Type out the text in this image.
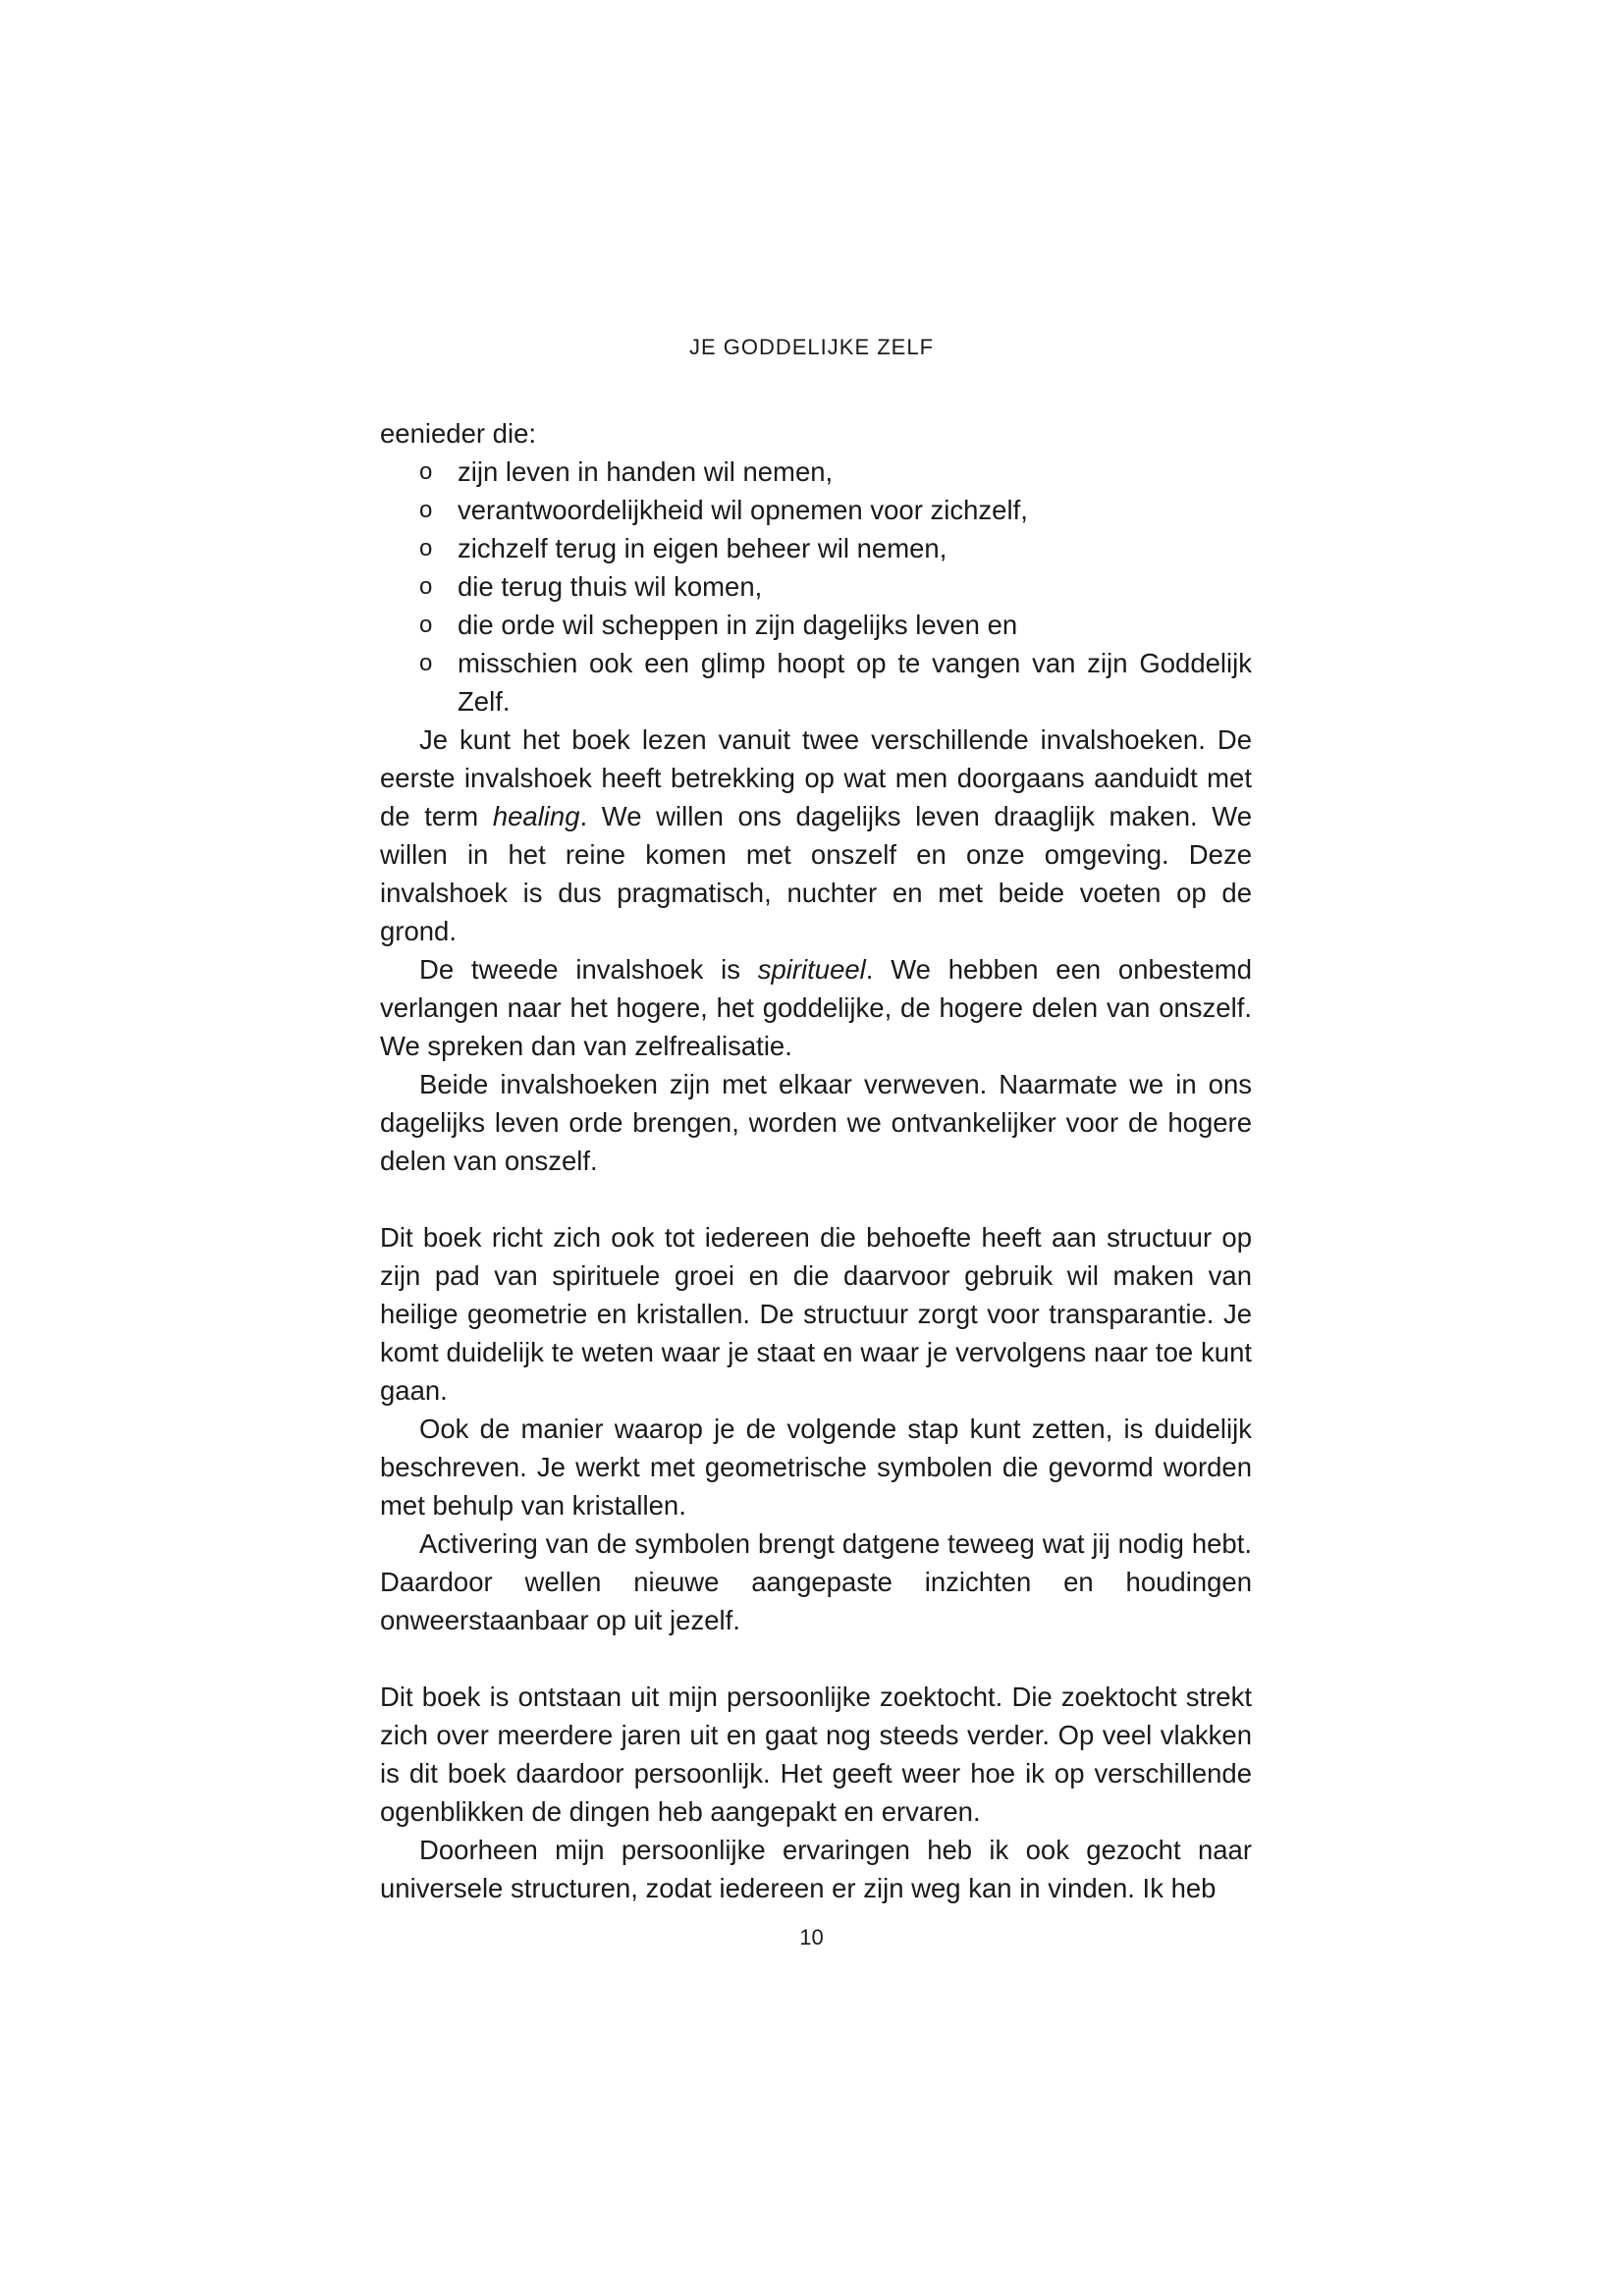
JE GODDELIJKE ZELF

eenieder die:

o zijn leven in handen wil nemen,
o verantwoordelijkheid wil opnemen voor zichzelf,
o zichzelf terug in eigen beheer wil nemen,
o die terug thuis wil komen,
o die orde wil scheppen in zijn dagelijks leven en
o misschien ook een glimp hoopt op te vangen van zijn Goddelijk Zelf.

Je kunt het boek lezen vanuit twee verschillende invalshoeken. De eerste invalshoek heeft betrekking op wat men doorgaans aanduidt met de term healing. We willen ons dagelijks leven draaglijk maken. We willen in het reine komen met onszelf en onze omgeving. Deze invalshoek is dus pragmatisch, nuchter en met beide voeten op de grond.

De tweede invalshoek is spiritueel. We hebben een onbestemd verlangen naar het hogere, het goddelijke, de hogere delen van onszelf. We spreken dan van zelfrealisatie.

Beide invalshoeken zijn met elkaar verweven. Naarmate we in ons dagelijks leven orde brengen, worden we ontvankelijker voor de hogere delen van onszelf.

Dit boek richt zich ook tot iedereen die behoefte heeft aan structuur op zijn pad van spirituele groei en die daarvoor gebruik wil maken van heilige geometrie en kristallen. De structuur zorgt voor transparantie. Je komt duidelijk te weten waar je staat en waar je vervolgens naar toe kunt gaan.

Ook de manier waarop je de volgende stap kunt zetten, is duidelijk beschreven. Je werkt met geometrische symbolen die gevormd worden met behulp van kristallen.

Activering van de symbolen brengt datgene teweeg wat jij nodig hebt. Daardoor wellen nieuwe aangepaste inzichten en houdingen onweerstaanbaar op uit jezelf.

Dit boek is ontstaan uit mijn persoonlijke zoektocht. Die zoektocht strekt zich over meerdere jaren uit en gaat nog steeds verder. Op veel vlakken is dit boek daardoor persoonlijk. Het geeft weer hoe ik op verschillende ogenblikken de dingen heb aangepakt en ervaren.

Doorheen mijn persoonlijke ervaringen heb ik ook gezocht naar universele structuren, zodat iedereen er zijn weg kan in vinden. Ik heb

10
